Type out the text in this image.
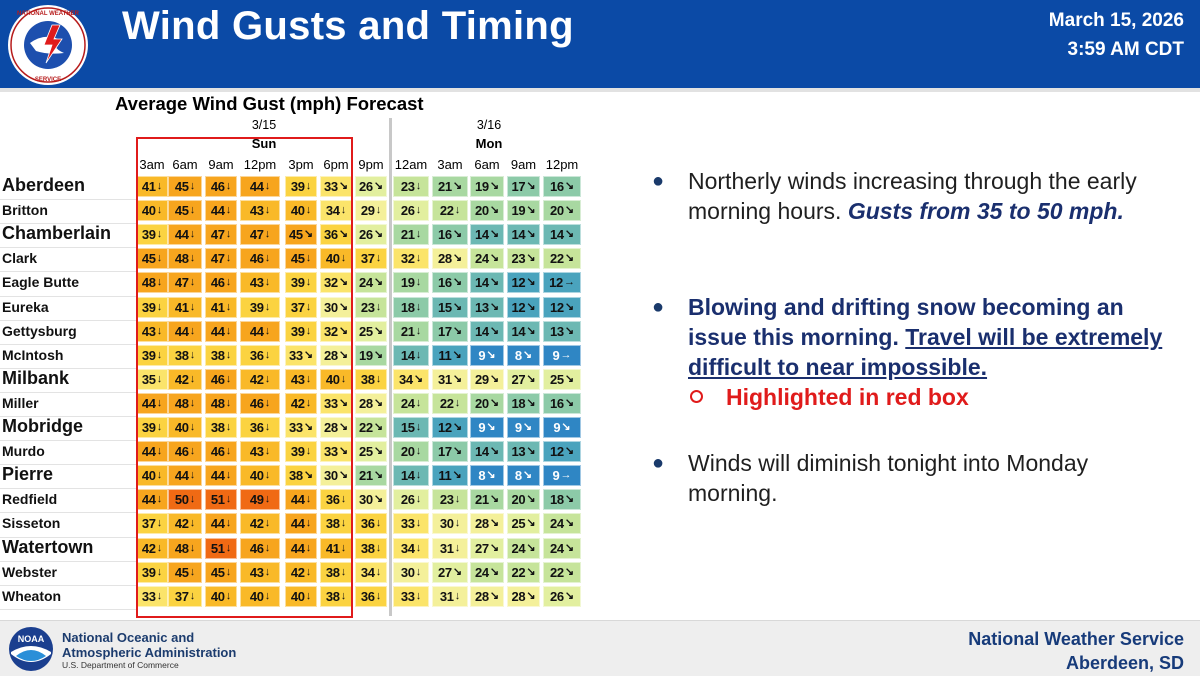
NATIONAL WEATHER
SERVICE
Wind Gusts and Timing	March 15, 2026
3:59 AM CDT
Average Wind Gust (mph) Forecast
3/15
Sun
3/16
Mon
3am 6am 9am 12pm 3pm 6pm 9pm 12am 3am 6am 9am 12pm
Aberdeen	41 ↓ 45 ↓ 46 ↓ 44 ↓ 39 ↓ 33 ↘ 26 ↘ 23 ↓ 21 ↘ 19 ↘ 17 ↘ 16 ↘
Britton	40 ↓ 45 ↓ 44 ↓ 43 ↓ 40 ↓ 34 ↓ 29 ↓ 26 ↓ 22 ↓ 20 ↘ 19 ↘ 20 ↘
Chamberlain 39 ↓ 44 ↓ 47 ↓ 47 ↓ 45 ↘ 36 ↘ 26 ↘ 21 ↓ 16 ↘ 14 ↘ 14 ↘ 14 ↘
Clark	45 ↓ 48 ↓ 47 ↓ 46 ↓ 45 ↓ 40 ↓ 37 ↓ 32 ↓ 28 ↘ 24 ↘ 23 ↘ 22 ↘
Eagle Butte	48 ↓ 47 ↓ 46 ↓ 43 ↓ 39 ↓ 32 ↘ 24 ↘ 19 ↓ 16 ↘ 14 ↘ 12 ↘ 12 →
Eureka	39 ↓ 41 ↓ 41 ↓ 39 ↓ 37 ↓ 30 ↘ 23 ↓ 18 ↓ 15 ↘ 13 ↘ 12 ↘ 12 ↘
Gettysburg	43 ↓ 44 ↓ 44 ↓ 44 ↓ 39 ↓ 32 ↘ 25 ↘ 21 ↓ 17 ↘ 14 ↘ 14 ↘ 13 ↘
McIntosh	39 ↓ 38 ↓ 38 ↓ 36 ↓ 33 ↘ 28 ↘ 19 ↘ 14 ↓ 11 ↘ 9 ↘ 8 ↘ 9 →
Milbank	35 ↓ 42 ↓ 46 ↓ 42 ↓ 43 ↓ 40 ↓ 38 ↓ 34 ↘ 31 ↘ 29 ↘ 27 ↘ 25 ↘
Miller	44 ↓ 48 ↓ 48 ↓ 46 ↓ 42 ↓ 33 ↘ 28 ↘ 24 ↓ 22 ↓ 20 ↘ 18 ↘ 16 ↘
Mobridge	39 ↓ 40 ↓ 38 ↓ 36 ↓ 33 ↘ 28 ↘ 22 ↘ 15 ↓ 12 ↘ 9 ↘ 9 ↘ 9 ↘
Murdo	44 ↓ 46 ↓ 46 ↓ 43 ↓ 39 ↓ 33 ↘ 25 ↘ 20 ↓ 17 ↘ 14 ↘ 13 ↘ 12 ↘
Pierre	40 ↓ 44 ↓ 44 ↓ 40 ↓ 38 ↘ 30 ↘ 21 ↘ 14 ↓ 11 ↘ 8 ↘ 8 ↘ 9 →
Redfield	44 ↓ 50 ↓ 51 ↓ 49 ↓ 44 ↓ 36 ↓ 30 ↘ 26 ↓ 23 ↓ 21 ↘ 20 ↘ 18 ↘
Sisseton	37 ↓ 42 ↓ 44 ↓ 42 ↓ 44 ↓ 38 ↓ 36 ↓ 33 ↓ 30 ↓ 28 ↘ 25 ↘ 24 ↘
Watertown	42 ↓ 48 ↓ 51 ↓ 46 ↓ 44 ↓ 41 ↓ 38 ↓ 34 ↓ 31 ↓ 27 ↘ 24 ↘ 24 ↘
Webster	39 ↓ 45 ↓ 45 ↓ 43 ↓ 42 ↓ 38 ↓ 34 ↓ 30 ↓ 27 ↘ 24 ↘ 22 ↘ 22 ↘
Wheaton	33 ↓ 37 ↓ 40 ↓ 40 ↓ 40 ↓ 38 ↓ 36 ↓ 33 ↓ 31 ↓ 28 ↘ 28 ↘ 26 ↘
● Northerly winds increasing through the early morning hours. Gusts from 35 to 50 mph.
● Blowing and drifting snow becoming an issue this morning. Travel will be extremely difficult to near impossible.
Highlighted in red box
● Winds will diminish tonight into Monday morning.
NOAA National Oceanic and
Atmospheric Administration
U.S. Department of Commerce
National Weather Service
Aberdeen, SD
